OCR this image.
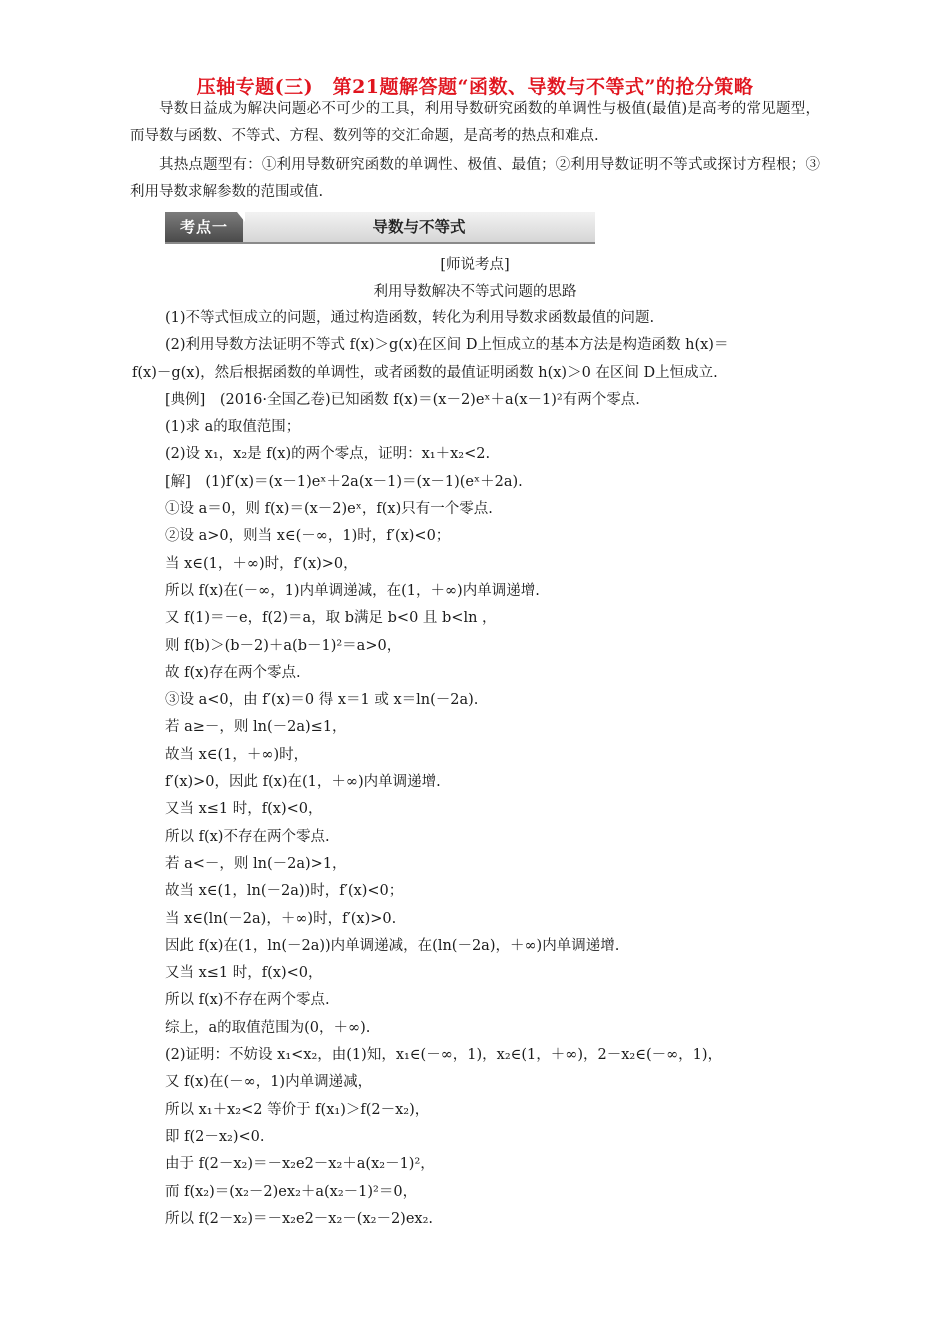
压轴专题(三)　第21题解答题“函数、导数与不等式”的抢分策略

导数日益成为解决问题必不可少的工具，利用导数研究函数的单调性与极值(最值)是高考的常见题型，而导数与函数、不等式、方程、数列等的交汇命题，是高考的热点和难点.

其热点题型有：①利用导数研究函数的单调性、极值、最值；②利用导数证明不等式或探讨方程根；③利用导数求解参数的范围或值.

考点一	导数与不等式

[师说考点]

利用导数解决不等式问题的思路

(1)不等式恒成立的问题，通过构造函数，转化为利用导数求函数最值的问题.

(2)利用导数方法证明不等式 f(x)＞g(x)在区间 D上恒成立的基本方法是构造函数 h(x)＝

f(x)－g(x)，然后根据函数的单调性，或者函数的最值证明函数 h(x)＞0 在区间 D上恒成立.

[典例]　(2016·全国乙卷)已知函数 f(x)＝(x－2)eˣ＋a(x－1)²有两个零点.

(1)求 a的取值范围；

(2)设 x₁，x₂是 f(x)的两个零点，证明：x₁＋x₂<2.

[解]　(1)f′(x)＝(x－1)eˣ＋2a(x－1)＝(x－1)(eˣ＋2a).

①设 a＝0，则 f(x)＝(x－2)eˣ，f(x)只有一个零点.

②设 a>0，则当 x∈(－∞，1)时，f′(x)<0；

当 x∈(1，＋∞)时，f′(x)>0，

所以 f(x)在(－∞，1)内单调递减，在(1，＋∞)内单调递增.

又 f(1)＝－e，f(2)＝a，取 b满足 b<0 且 b<ln ，

则 f(b)＞(b－2)＋a(b－1)²＝a>0，

故 f(x)存在两个零点.

③设 a<0，由 f′(x)＝0 得 x＝1 或 x＝ln(－2a).

若 a≥－，则 ln(－2a)≤1，

故当 x∈(1，＋∞)时，

f′(x)>0，因此 f(x)在(1，＋∞)内单调递增.

又当 x≤1 时，f(x)<0，

所以 f(x)不存在两个零点.

若 a<－，则 ln(－2a)>1，

故当 x∈(1，ln(－2a))时，f′(x)<0；

当 x∈(ln(－2a)，＋∞)时，f′(x)>0.

因此 f(x)在(1，ln(－2a))内单调递减，在(ln(－2a)，＋∞)内单调递增.

又当 x≤1 时，f(x)<0，

所以 f(x)不存在两个零点.

综上，a的取值范围为(0，＋∞).

(2)证明：不妨设 x₁<x₂，由(1)知，x₁∈(－∞，1)，x₂∈(1，＋∞)，2－x₂∈(－∞，1)，

又 f(x)在(－∞，1)内单调递减，

所以 x₁＋x₂<2 等价于 f(x₁)＞f(2－x₂)，

即 f(2－x₂)<0.

由于 f(2－x₂)＝－x₂e2－x₂＋a(x₂－1)²，

而 f(x₂)＝(x₂－2)ex₂＋a(x₂－1)²＝0，

所以 f(2－x₂)＝－x₂e2－x₂－(x₂－2)ex₂.
